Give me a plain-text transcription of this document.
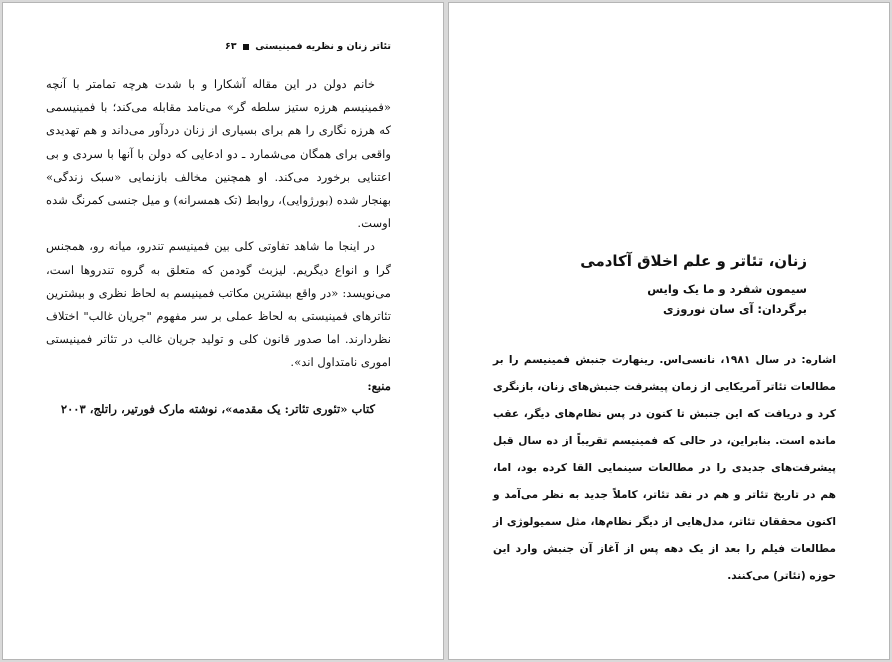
تئاتر زنان و نظریه فمینیستی  ۶۳

خانم دولن در این مقاله آشکارا و با شدت هرچه تمامتر با آنچه «فمینیسم هرزه ستیز سلطه گر» می‌نامد مقابله می‌کند؛ با فمینیسمی که هرزه نگاری را هم برای بسیاری از زنان دردآور می‌داند و هم تهدیدی واقعی برای همگان می‌شمارد ـ دو ادعایی که دولن با آنها با سردی و بی اعتنایی برخورد می‌کند. او همچنین مخالف بازنمایی «سبک زندگی» بهنجار شده (بورژوایی)، روابط (تک همسرانه) و میل جنسی کمرنگ شده اوست.

در اینجا ما شاهد تفاوتی کلی بین فمینیسم تندرو، میانه رو، همجنس گرا و انواع دیگریم. لیزبث گودمن که متعلق به گروه تندروها است، می‌نویسد: «در واقع بیشترین مکاتب فمینیسم به لحاظ نظری و بیشترین تئاترهای فمینیستی به لحاظ عملی بر سر مفهوم "جریان غالب" اختلاف نظردارند. اما صدور قانون کلی و تولید جریان غالب در تئاتر فمینیستی اموری نامتداول اند».

منبع:

کتاب «تئوری تئاتر: یک مقدمه»، نوشته مارک فورتیر، راتلج، ۲۰۰۳

زنان، تئاتر و علم اخلاق آکادمی

سیمون شفرد و ما یک وایس

برگردان: آی سان نوروزی

اشاره: در سال ۱۹۸۱، نانسی‌اس. رینهارت جنبش فمینیسم را بر مطالعات تئاتر آمریکایی از زمان پیشرفت جنبش‌های زنان، بازنگری کرد و دریافت که این جنبش تا کنون در پس نظام‌های دیگر، عقب مانده است. بنابراین، در حالی که فمینیسم تقریباً از ده سال قبل پیشرفت‌های جدیدی را در مطالعات سینمایی القا کرده بود، اما، هم در تاریخ تئاتر و هم در نقد تئاتر، کاملاً جدید به نظر می‌آمد و اکنون محققان تئاتر، مدل‌هایی از دیگر نظام‌ها، مثل سمیولوژی از مطالعات فیلم را بعد از یک دهه پس از آغاز آن جنبش وارد این حوزه (تئاتر) می‌کنند.
